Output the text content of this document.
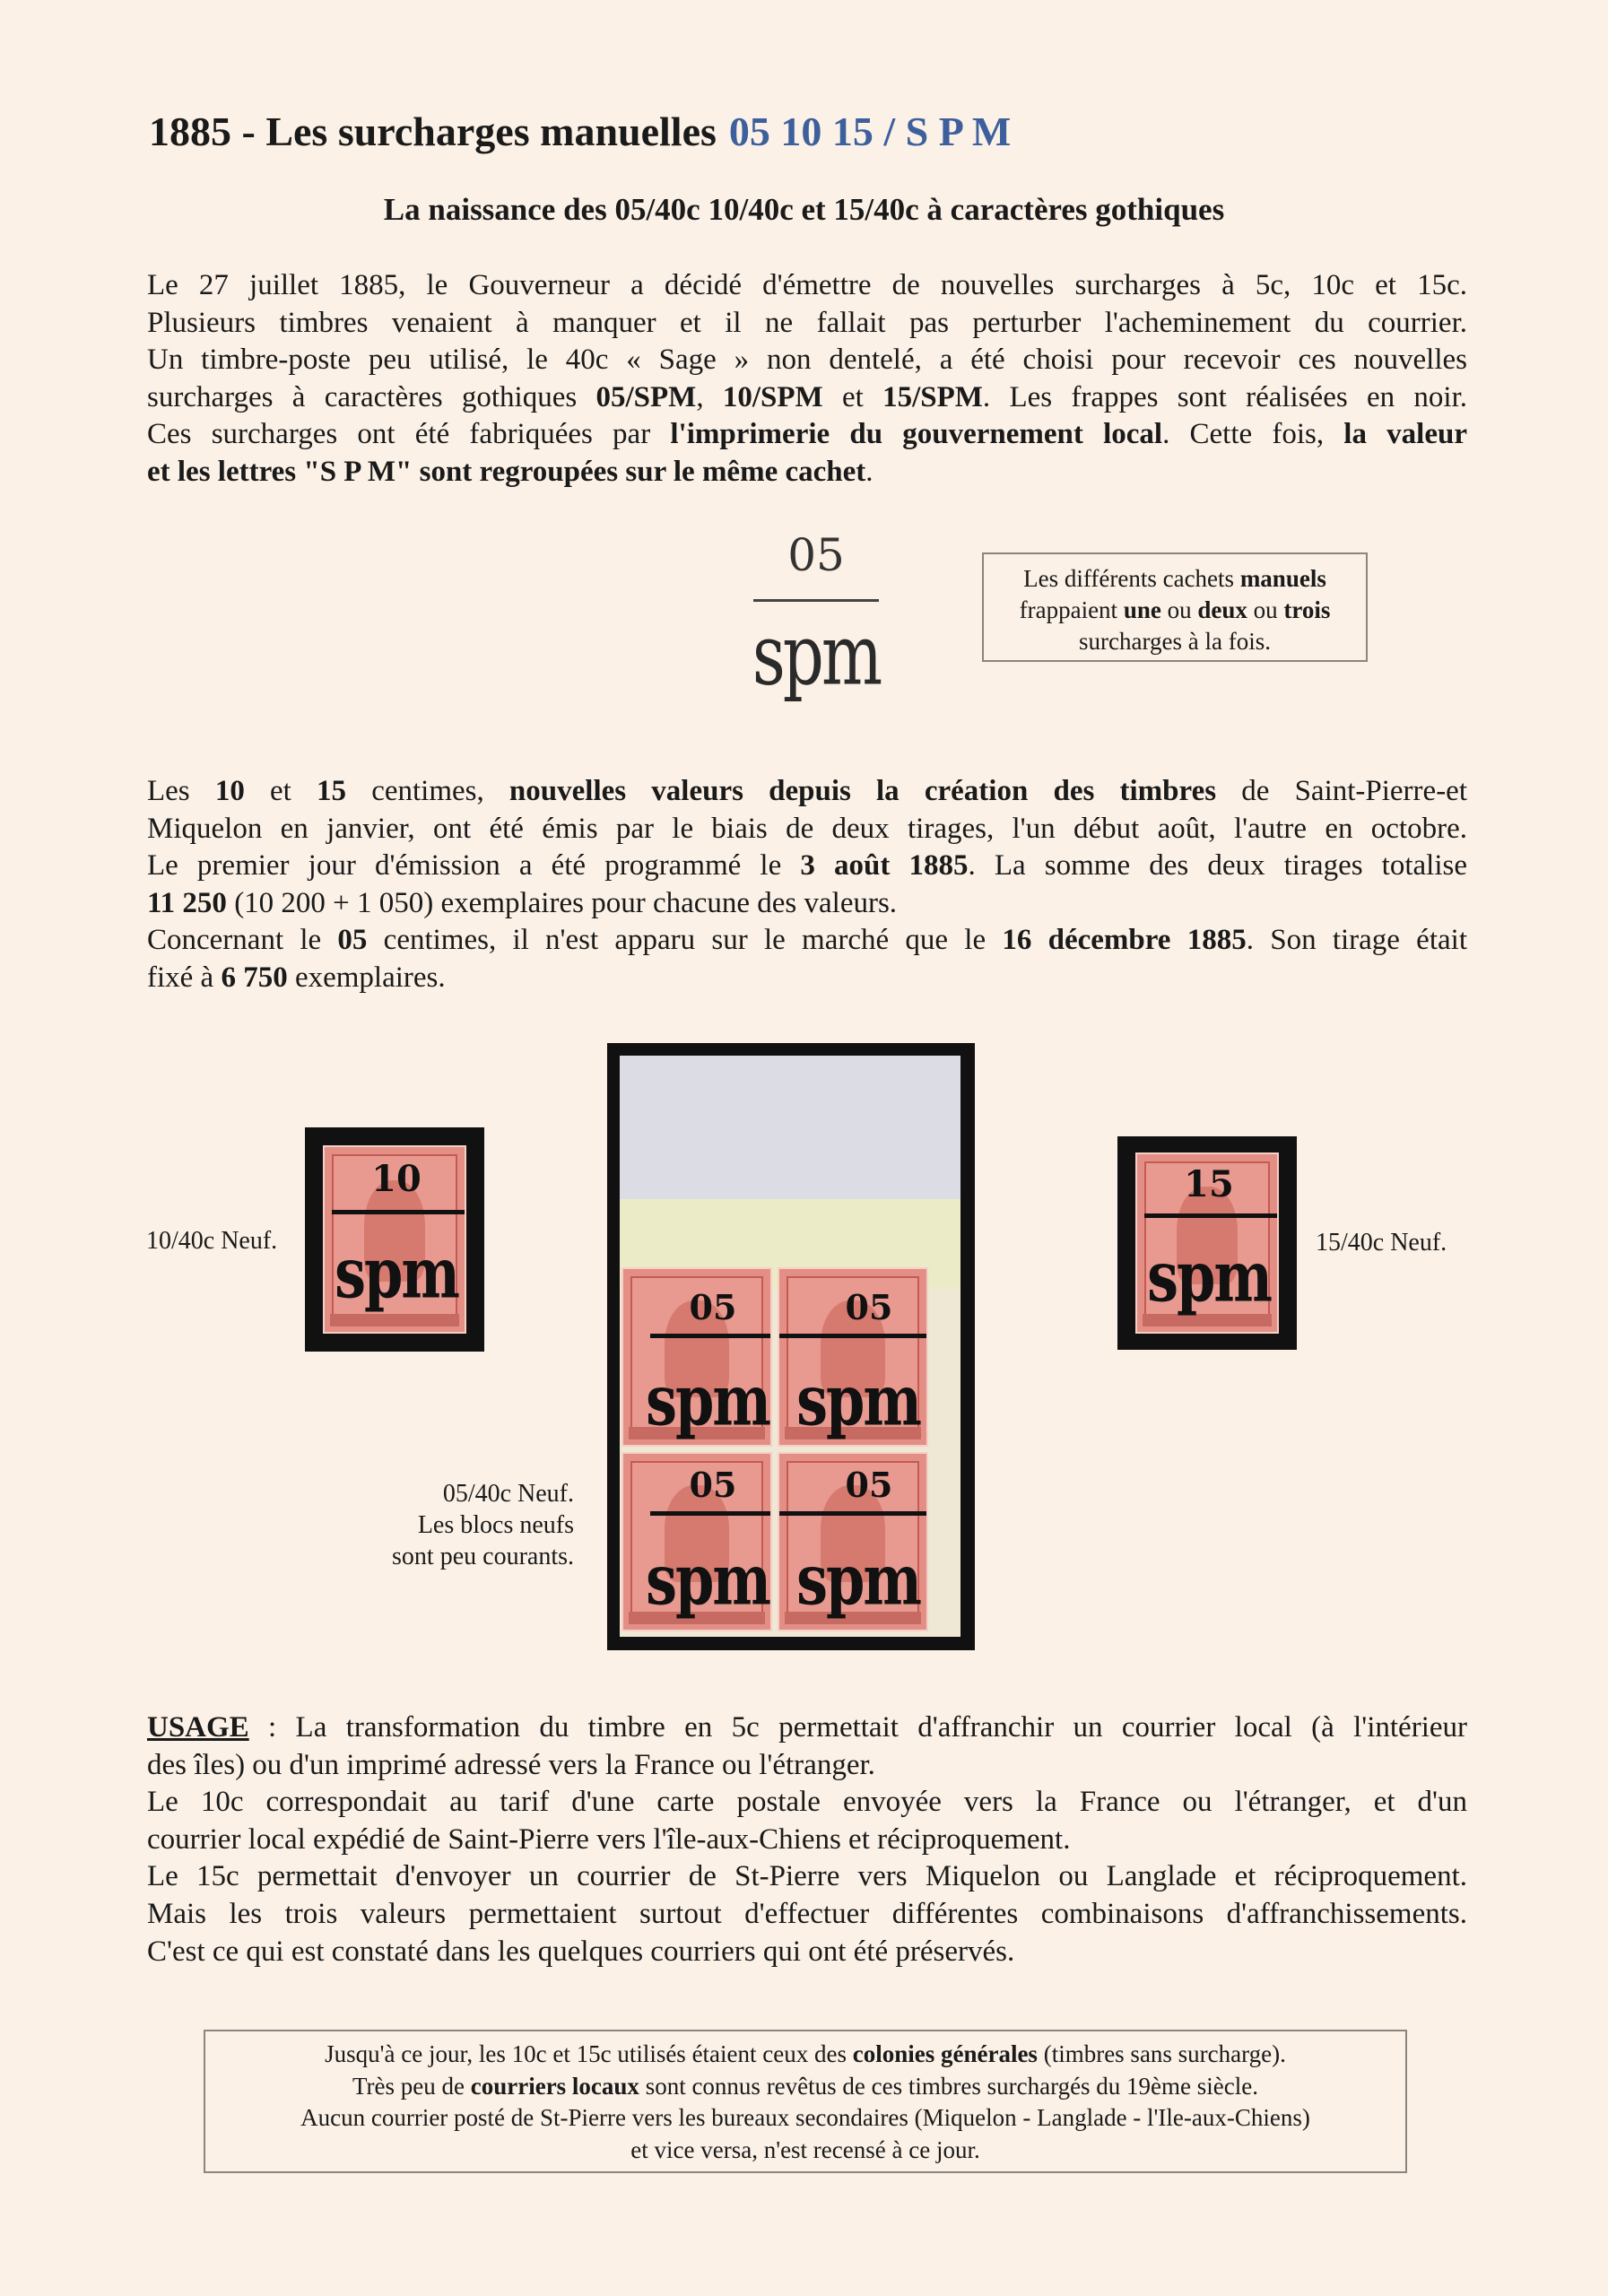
1885 - Les surcharges manuelles 05 10 15 / S P M
La naissance des 05/40c 10/40c et 15/40c à caractères gothiques

Le 27 juillet 1885, le Gouverneur a décidé d'émettre de nouvelles surcharges à 5c, 10c et 15c.

Plusieurs timbres venaient à manquer et il ne fallait pas perturber l'acheminement du courrier.

Un timbre-poste peu utilisé, le 40c « Sage » non dentelé, a été choisi pour recevoir ces nouvelles

surcharges à caractères gothiques 05/SPM, 10/SPM et 15/SPM. Les frappes sont réalisées en noir.

Ces surcharges ont été fabriquées par l'imprimerie du gouvernement local. Cette fois, la valeur

et les lettres "S P M" sont regroupées sur le même cachet.

05
spm
Les différents cachets manuels
frappaient une ou deux ou trois
surcharges à la fois.

Les 10 et 15 centimes, nouvelles valeurs depuis la création des timbres de Saint-Pierre-et

Miquelon en janvier, ont été émis par le biais de deux tirages, l'un début août, l'autre en octobre.

Le premier jour d'émission a été programmé le 3 août 1885. La somme des deux tirages totalise

11 250 (10 200 + 1 050) exemplaires pour chacune des valeurs.

Concernant le 05 centimes, il n'est apparu sur le marché que le 16 décembre 1885. Son tirage était

fixé à 6 750 exemplaires.

10/40c Neuf.
10
spm	15/40c Neuf.
15
spm
05/40c Neuf.
Les blocs neufs
sont peu courants.
05
spm
05
spm
05
spm
05
spm

USAGE : La transformation du timbre en 5c permettait d'affranchir un courrier local (à l'intérieur

des îles) ou d'un imprimé adressé vers la France ou l'étranger.

Le 10c correspondait au tarif d'une carte postale envoyée vers la France ou l'étranger, et d'un

courrier local expédié de Saint-Pierre vers l'île-aux-Chiens et réciproquement.

Le 15c permettait d'envoyer un courrier de St-Pierre vers Miquelon ou Langlade et réciproquement.

Mais les trois valeurs permettaient surtout d'effectuer différentes combinaisons d'affranchissements.

C'est ce qui est constaté dans les quelques courriers qui ont été préservés.

Jusqu'à ce jour, les 10c et 15c utilisés étaient ceux des colonies générales (timbres sans surcharge).
Très peu de courriers locaux sont connus revêtus de ces timbres surchargés du 19ème siècle.
Aucun courrier posté de St-Pierre vers les bureaux secondaires (Miquelon - Langlade - l'Ile-aux-Chiens)
et vice versa, n'est recensé à ce jour.
